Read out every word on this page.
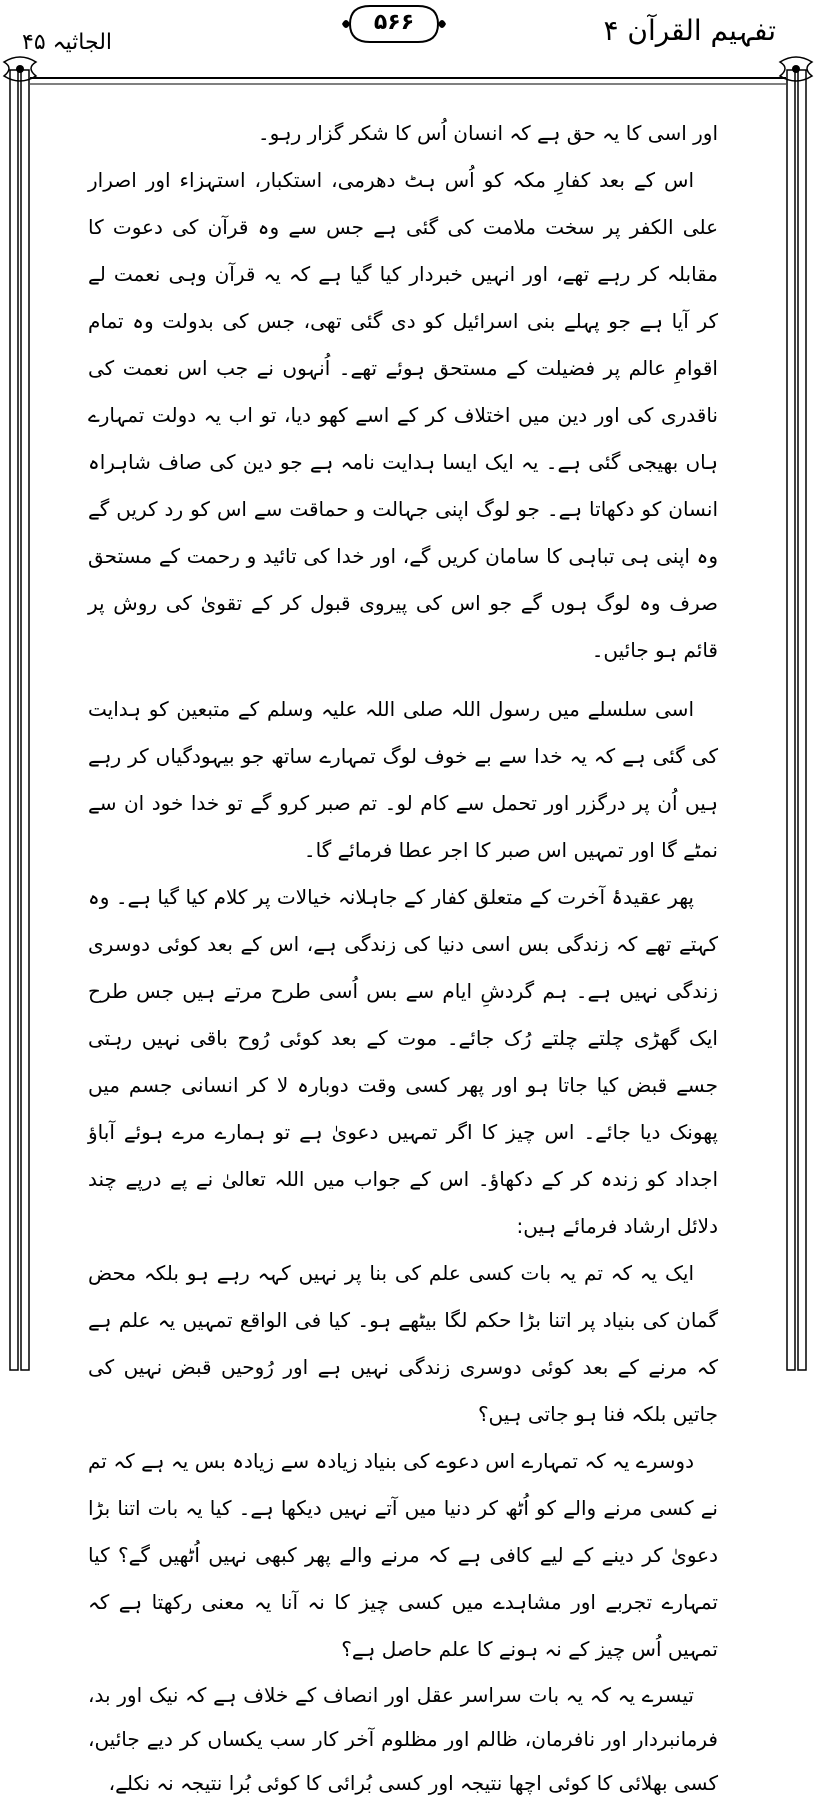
الجاثیہ ۴۵
۵۶۶	تفہیم القرآن ۴

اور اسی کا یہ حق ہے کہ انسان اُس کا شکر گزار رہو۔

اس کے بعد کفارِ مکہ کو اُس ہٹ دھرمی، استکبار، استہزاء اور اصرار علی الکفر پر سخت ملامت کی گئی ہے جس سے وہ قرآن کی دعوت کا مقابلہ کر رہے تھے، اور انہیں خبردار کیا گیا ہے کہ یہ قرآن وہی نعمت لے کر آیا ہے جو پہلے بنی اسرائیل کو دی گئی تھی، جس کی بدولت وہ تمام اقوامِ عالم پر فضیلت کے مستحق ہوئے تھے۔ اُنہوں نے جب اس نعمت کی ناقدری کی اور دین میں اختلاف کر کے اسے کھو دیا، تو اب یہ دولت تمہارے ہاں بھیجی گئی ہے۔ یہ ایک ایسا ہدایت نامہ ہے جو دین کی صاف شاہراہ انسان کو دکھاتا ہے۔ جو لوگ اپنی جہالت و حماقت سے اس کو رد کریں گے وہ اپنی ہی تباہی کا سامان کریں گے، اور خدا کی تائید و رحمت کے مستحق صرف وہ لوگ ہوں گے جو اس کی پیروی قبول کر کے تقویٰ کی روش پر قائم ہو جائیں۔

اسی سلسلے میں رسول اللہ صلی اللہ علیہ وسلم کے متبعین کو ہدایت کی گئی ہے کہ یہ خدا سے بے خوف لوگ تمہارے ساتھ جو بیہودگیاں کر رہے ہیں اُن پر درگزر اور تحمل سے کام لو۔ تم صبر کرو گے تو خدا خود ان سے نمٹے گا اور تمہیں اس صبر کا اجر عطا فرمائے گا۔

پھر عقیدۂ آخرت کے متعلق کفار کے جاہلانہ خیالات پر کلام کیا گیا ہے۔ وہ کہتے تھے کہ زندگی بس اسی دنیا کی زندگی ہے، اس کے بعد کوئی دوسری زندگی نہیں ہے۔ ہم گردشِ ایام سے بس اُسی طرح مرتے ہیں جس طرح ایک گھڑی چلتے چلتے رُک جائے۔ موت کے بعد کوئی رُوح باقی نہیں رہتی جسے قبض کیا جاتا ہو اور پھر کسی وقت دوبارہ لا کر انسانی جسم میں پھونک دیا جائے۔ اس چیز کا اگر تمہیں دعویٰ ہے تو ہمارے مرے ہوئے آباؤ اجداد کو زندہ کر کے دکھاؤ۔ اس کے جواب میں اللہ تعالیٰ نے پے درپے چند دلائل ارشاد فرمائے ہیں:

ایک یہ کہ تم یہ بات کسی علم کی بنا پر نہیں کہہ رہے ہو بلکہ محض گمان کی بنیاد پر اتنا بڑا حکم لگا بیٹھے ہو۔ کیا فی الواقع تمہیں یہ علم ہے کہ مرنے کے بعد کوئی دوسری زندگی نہیں ہے اور رُوحیں قبض نہیں کی جاتیں بلکہ فنا ہو جاتی ہیں؟

دوسرے یہ کہ تمہارے اس دعوے کی بنیاد زیادہ سے زیادہ بس یہ ہے کہ تم نے کسی مرنے والے کو اُٹھ کر دنیا میں آتے نہیں دیکھا ہے۔ کیا یہ بات اتنا بڑا دعویٰ کر دینے کے لیے کافی ہے کہ مرنے والے پھر کبھی نہیں اُٹھیں گے؟ کیا تمہارے تجربے اور مشاہدے میں کسی چیز کا نہ آنا یہ معنی رکھتا ہے کہ تمہیں اُس چیز کے نہ ہونے کا علم حاصل ہے؟

تیسرے یہ کہ یہ بات سراسر عقل اور انصاف کے خلاف ہے کہ نیک اور بد، فرمانبردار اور نافرمان، ظالم اور مظلوم آخر کار سب یکساں کر دیے جائیں، کسی بھلائی کا کوئی اچھا نتیجہ اور کسی بُرائی کا کوئی بُرا نتیجہ نہ نکلے،
